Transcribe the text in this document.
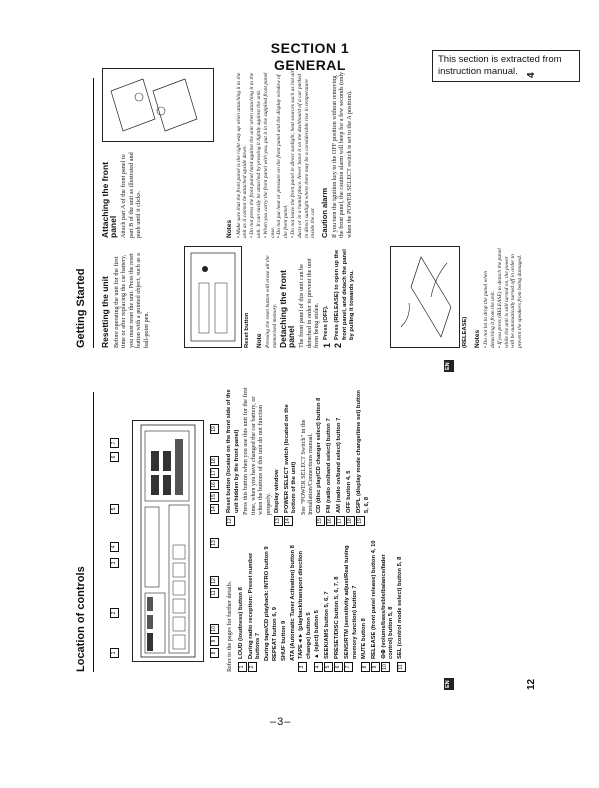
SECTION 1
GENERAL	This section is extracted from instruction manual.
12
EN
Location of controls	1
2
3
4
5
6
7
8
9
10
11
12
13
14
15
16
17
18
19
Refer to the pages for further details. 1
LOUD (loudness) button 8
2
During radio reception: Preset number buttons 7 During tape/CD playback: INTRO button 9 REPEAT button 6, 9 SHUF button 9 ATA (Automatic Tuner Activation) button 8
3
TAPE◄► (playback/transport direction change) button 5
4
▲ (eject) button 5
5
SEEK/AMS button 5, 6, 7
6
PRESET/DISC button 5, 6, 7, 8
7
SENS/RTM (sensitivity adjust/Real tuning memory function) button 7
8
MUTE button 8
9
RELEASE (front panel release) button 4, 10
10
⊖⊕ (volume/bass/treble/balance/fader control) button 5, 8
11
SEL (control mode select) button 5, 8
12
Reset button (located on the front side of the unit hidden by the front panel) Press this button when you use this unit for the first time, when you have changed the car battery, or when the buttons of this unit do not function properly.
13
Display window
14
POWER SELECT switch (located on the bottom of the unit) See "POWER SELECT Switch" in the Installation/Connections manual.
15
CD (disc play/CD changer select) button 8
16
FM (radio on/band select) button 7
17
AM (radio on/band select) button 7
18
OFF button 4, 5
19
DSPL (display mode change/time set) button 5, 6, 8
4
EN
Getting Started Resetting the unit Before operating the unit for the first time or after replacing the car battery, you must reset the unit. Press the reset button with a pointed object, such as a ball-point pen.	Reset button Note Pressing the reset button will erase all the memorized memory. Detaching the front panel The front panel of this unit can be detached in order to prevent the unit from being stolen. 1
Press (OFF).
2
Press (RELEASE) to open up the front panel, and detach the panel by pulling it towards you.	(RELEASE) Notes • Do not let to drop the panel when detaching it from the unit. • If you press (RELEASE) to detach the panel while the unit is still turned on, the power will be automatically turned off in order to prevent the speakers from being damaged.
Attaching the front panel Attach part A of the front panel to part B of the unit as illustrated and push until it clicks.	Notes • Make sure that the front panel is the right way up when attaching it to the unit as it cannot be attached upside down. • Do not press the front panel hard against the unit when attaching it to the unit. It can easily be attached by pressing it lightly against the unit. • When you carry the front panel with you, put it in the supplied front panel case. • Do not put heat or pressure on the front panel and the display window of the front panel. • Do not leave the front panel in direct sunlight, heat sources such as hot air ducts or in a humid place. Never leave it on the dashboard of a car parked in direct sunlight where there may be a considerable rise in temperature inside the car. Caution alarm If you turn the ignition key to the OFF position without removing the front panel, the caution alarm will beep for a few seconds (only when the POWER SELECT switch is set to the A position).
–3–
